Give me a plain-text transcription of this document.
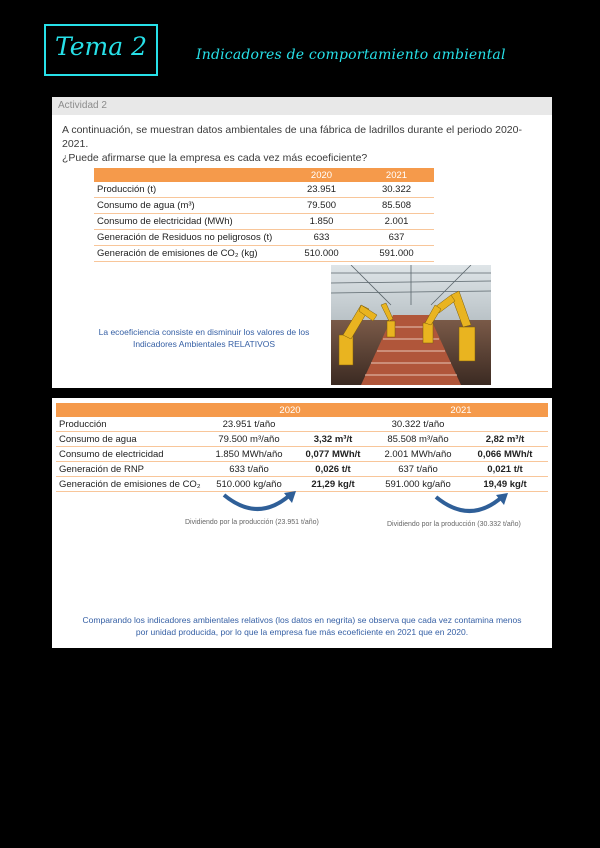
Tema 2	Indicadores de comportamiento ambiental
Actividad 2
A continuación, se muestran datos ambientales de una fábrica de ladrillos durante el periodo 2020-2021.
¿Puede afirmarse que la empresa es cada vez más ecoeficiente?
	2020	2021
Producción (t)	23.951	30.322
Consumo de agua (m³)	79.500	85.508
Consumo de electricidad (MWh)	1.850	2.001
Generación de Residuos no peligrosos (t)	633	637
Generación de emisiones de CO₂ (kg)	510.000	591.000
La ecoeficiencia consiste en disminuir los valores de los Indicadores Ambientales RELATIVOS
	2020		2021	
Producción	23.951 t/año		30.322 t/año	
Consumo de agua	79.500 m³/año	3,32 m³/t	85.508 m³/año	2,82 m³/t
Consumo de electricidad	1.850 MWh/año	0,077 MWh/t	2.001 MWh/año	0,066 MWh/t
Generación de RNP	633 t/año	0,026 t/t	637 t/año	0,021 t/t
Generación de emisiones de CO₂	510.000 kg/año	21,29 kg/t	591.000 kg/año	19,49 kg/t
Dividiendo por la producción (23.951 t/año)	Dividiendo por la producción (30.332 t/año)
Comparando los indicadores ambientales relativos (los datos en negrita) se observa que cada vez contamina menos por unidad producida, por lo que la empresa fue más ecoeficiente en 2021 que en 2020.
